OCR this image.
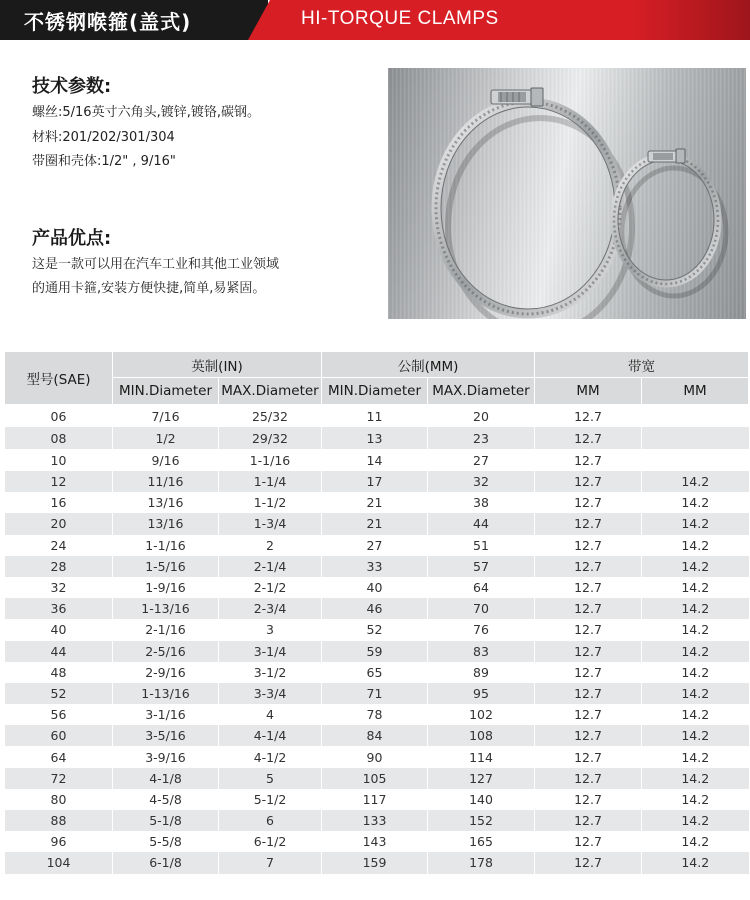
不锈钢喉箍(盖式)	HI-TORQUE CLAMPS
技术参数:
螺丝:5/16英寸六角头,镀锌,镀铬,碳钢。
材料:201/202/301/304
带圈和壳体:1/2" , 9/16"
产品优点:
这是一款可以用在汽车工业和其他工业领域
的通用卡箍,安装方便快捷,简单,易紧固。
型号(SAE)	英制(IN)		公制(MM)		带宽	
	MIN.Diameter	MAX.Diameter	MIN.Diameter	MAX.Diameter	MM	MM
06	7/16	25/32	11	20	12.7	
08	1/2	29/32	13	23	12.7	
10	9/16	1-1/16	14	27	12.7	
12	11/16	1-1/4	17	32	12.7	14.2
16	13/16	1-1/2	21	38	12.7	14.2
20	13/16	1-3/4	21	44	12.7	14.2
24	1-1/16	2	27	51	12.7	14.2
28	1-5/16	2-1/4	33	57	12.7	14.2
32	1-9/16	2-1/2	40	64	12.7	14.2
36	1-13/16	2-3/4	46	70	12.7	14.2
40	2-1/16	3	52	76	12.7	14.2
44	2-5/16	3-1/4	59	83	12.7	14.2
48	2-9/16	3-1/2	65	89	12.7	14.2
52	1-13/16	3-3/4	71	95	12.7	14.2
56	3-1/16	4	78	102	12.7	14.2
60	3-5/16	4-1/4	84	108	12.7	14.2
64	3-9/16	4-1/2	90	114	12.7	14.2
72	4-1/8	5	105	127	12.7	14.2
80	4-5/8	5-1/2	117	140	12.7	14.2
88	5-1/8	6	133	152	12.7	14.2
96	5-5/8	6-1/2	143	165	12.7	14.2
104	6-1/8	7	159	178	12.7	14.2
